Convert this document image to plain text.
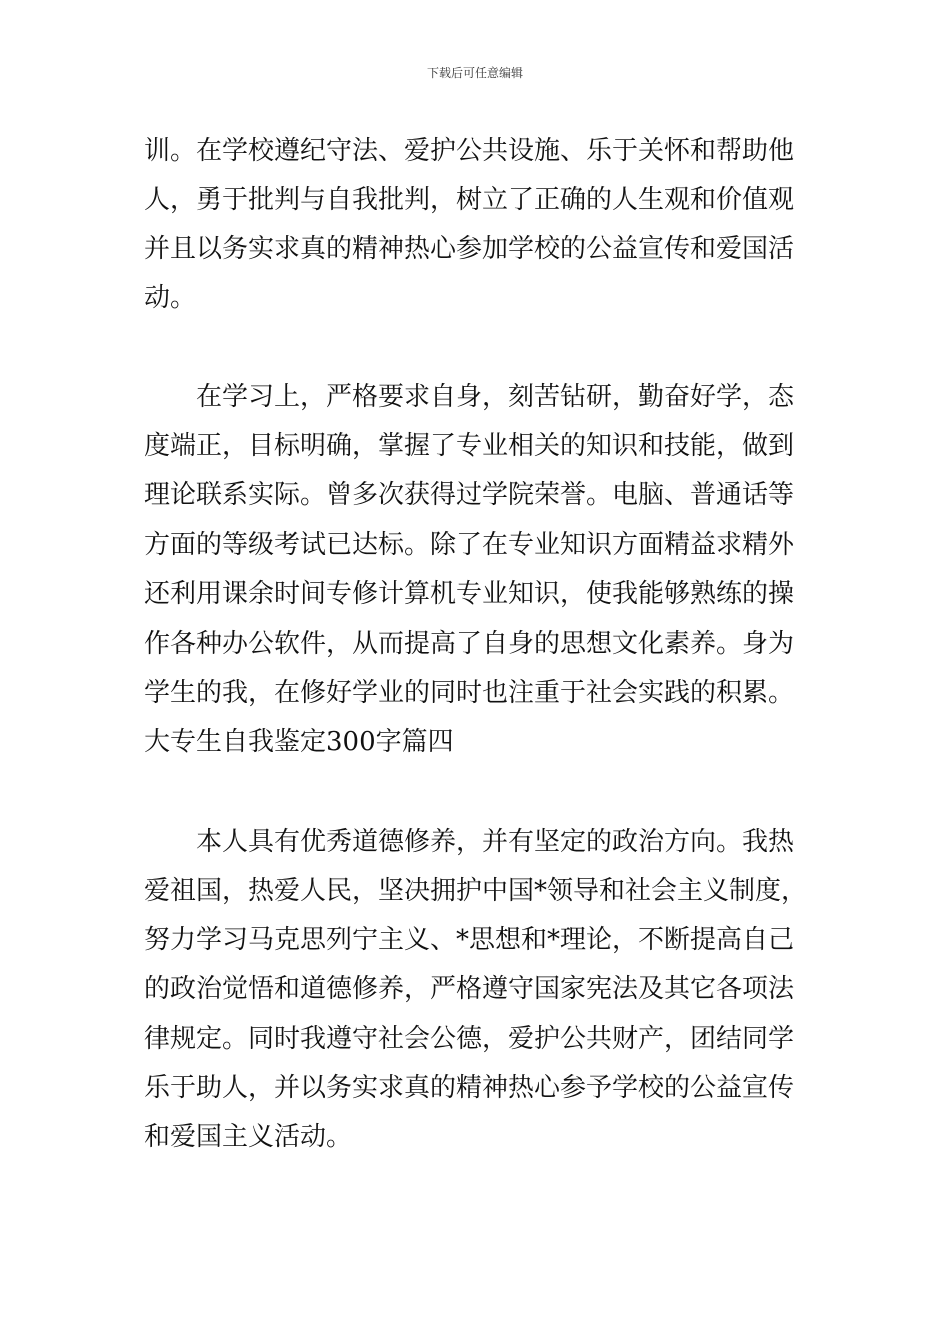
下载后可任意编辑
训。在学校遵纪守法、爱护公共设施、乐于关怀和帮助他
人，勇于批判与自我批判，树立了正确的人生观和价值观
并且以务实求真的精神热心参加学校的公益宣传和爱国活
动。
在学习上，严格要求自身，刻苦钻研，勤奋好学，态
度端正，目标明确，掌握了专业相关的知识和技能，做到
理论联系实际。曾多次获得过学院荣誉。电脑、普通话等
方面的等级考试已达标。除了在专业知识方面精益求精外
还利用课余时间专修计算机专业知识，使我能够熟练的操
作各种办公软件，从而提高了自身的思想文化素养。身为
学生的我，在修好学业的同时也注重于社会实践的积累。
大专生自我鉴定300字篇四
本人具有优秀道德修养，并有坚定的政治方向。我热
爱祖国，热爱人民，坚决拥护中国*领导和社会主义制度，
努力学习马克思列宁主义、*思想和*理论，不断提高自己
的政治觉悟和道德修养，严格遵守国家宪法及其它各项法
律规定。同时我遵守社会公德，爱护公共财产，团结同学
乐于助人，并以务实求真的精神热心参予学校的公益宣传
和爱国主义活动。
